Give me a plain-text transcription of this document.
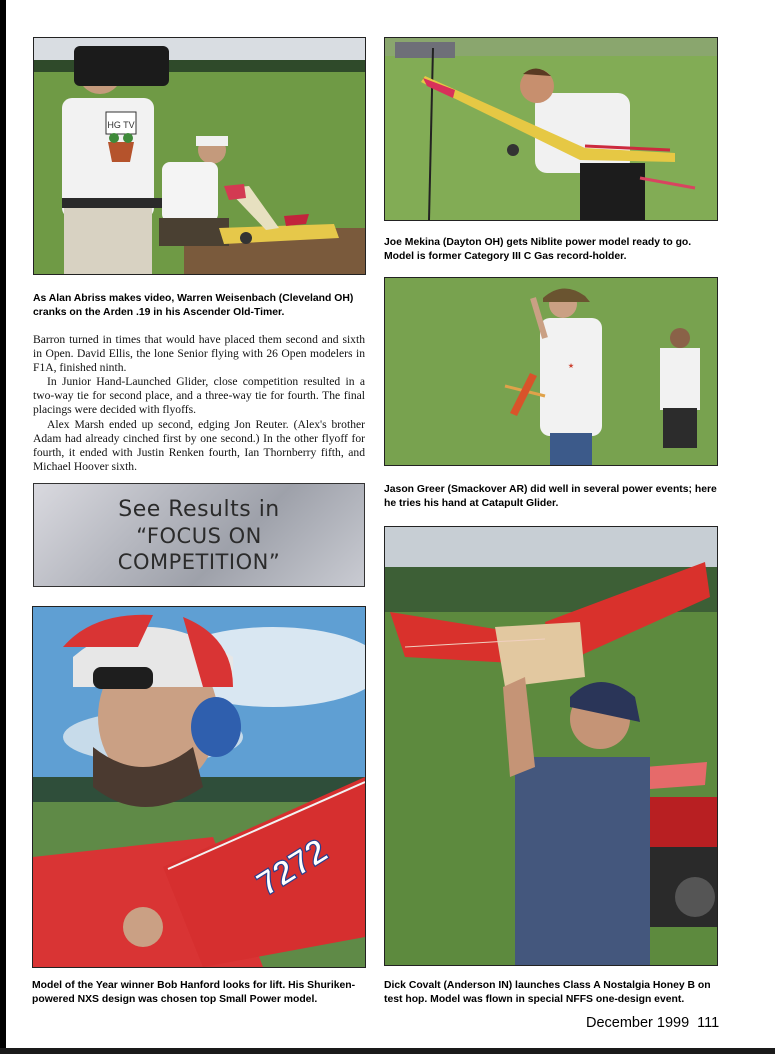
HG TV
As Alan Abriss makes video, Warren Weisenbach (Cleveland OH) cranks on the Arden .19 in his Ascender Old-Timer.

Barron turned in times that would have placed them second and sixth in Open. David Ellis, the lone Senior flying with 26 Open modelers in F1A, finished ninth.

In Junior Hand-Launched Glider, close competition resulted in a two-way tie for second place, and a three-way tie for fourth. The final placings were decided with flyoffs.

Alex Marsh ended up second, edging Jon Reuter. (Alex's brother Adam had already cinched first by one second.) In the other flyoff for fourth, it ended with Justin Renken fourth, Ian Thornberry fifth, and Michael Hoover sixth.

See Results in
“FOCUS ON
COMPETITION”
7272
Model of the Year winner Bob Hanford looks for lift. His Shuriken-powered NXS design was chosen top Small Power model.
Joe Mekina (Dayton OH) gets Niblite power model ready to go. Model is former Category III C Gas record-holder.
★
Jason Greer (Smackover AR) did well in several power events; here he tries his hand at Catapult Glider.
Dick Covalt (Anderson IN) launches Class A Nostalgia Honey B on test hop. Model was flown in special NFFS one-design event.
December 1999 111
